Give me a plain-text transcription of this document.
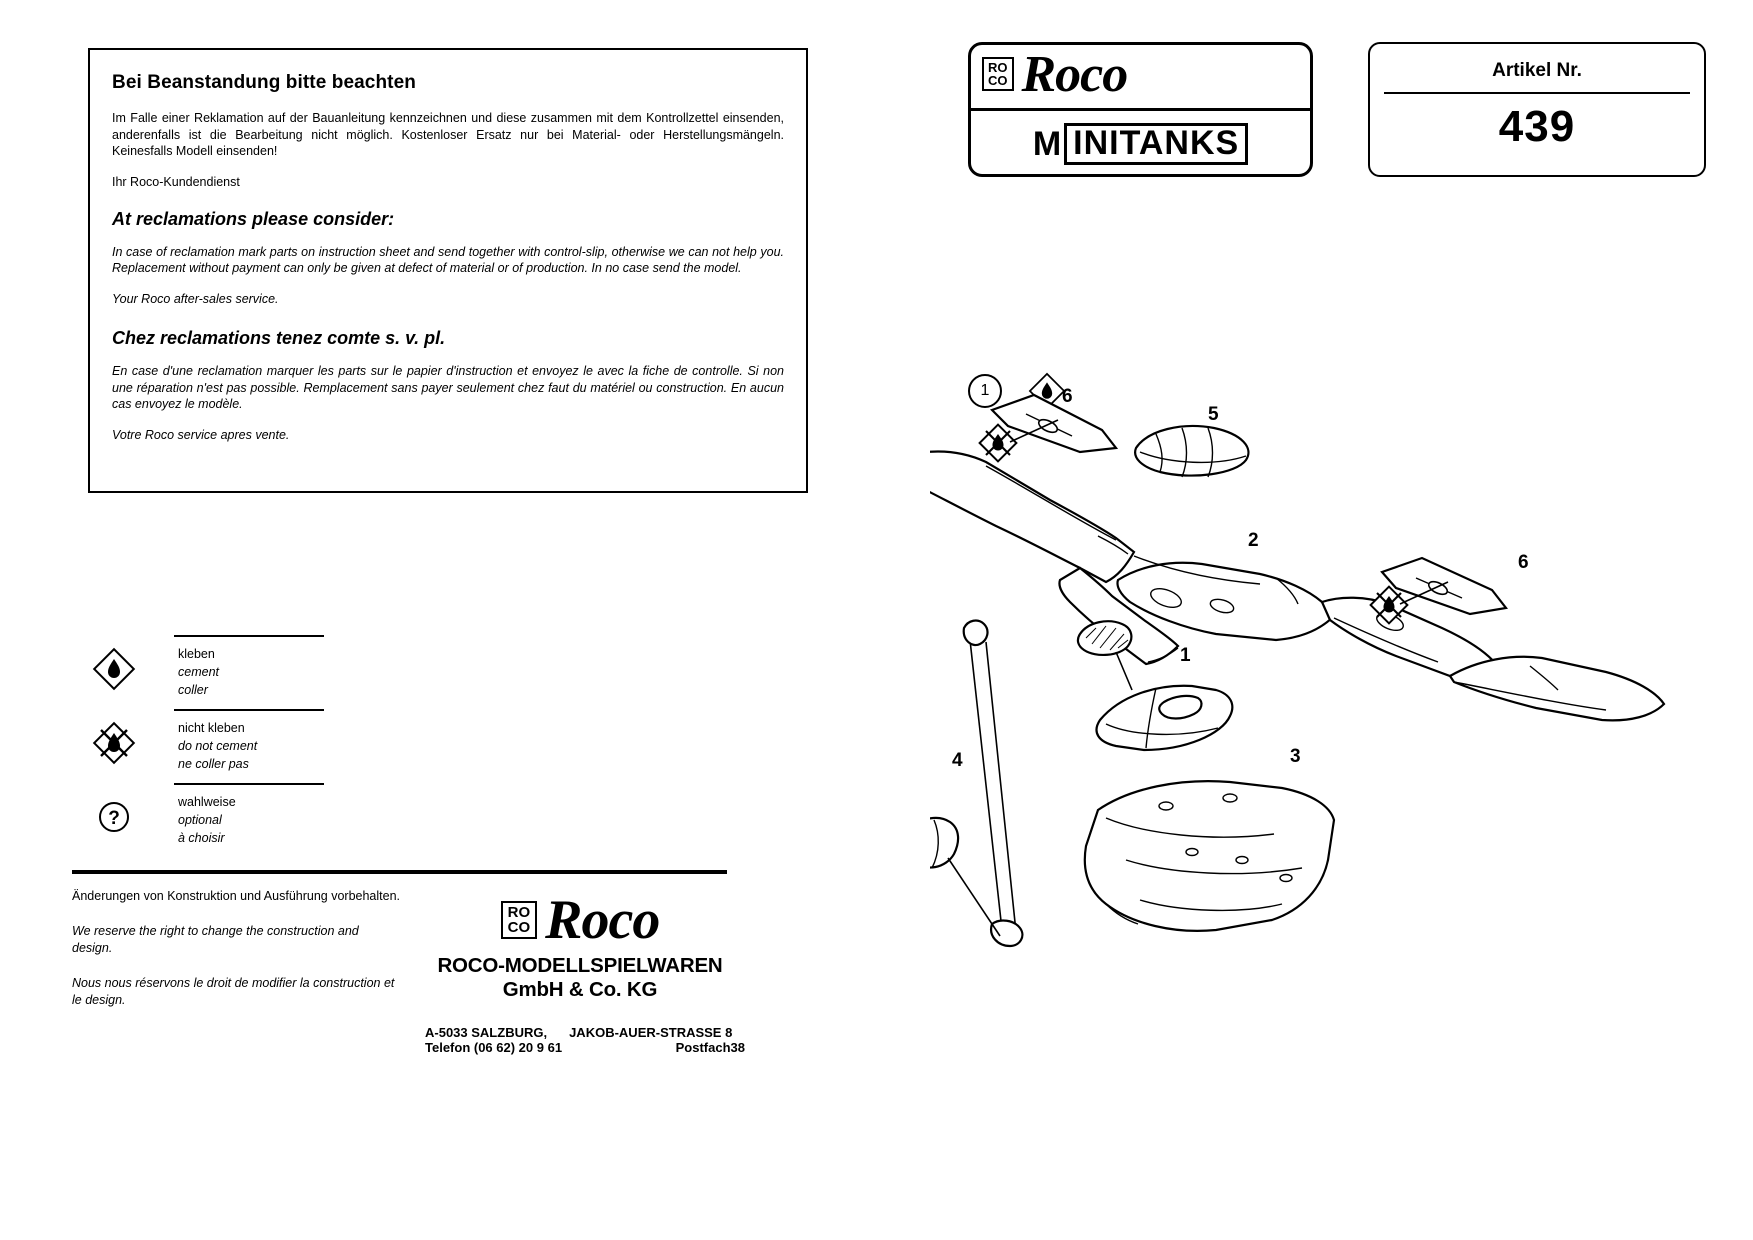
Bei Beanstandung bitte beachten

Im Falle einer Reklamation auf der Bauanleitung kennzeichnen und diese zusammen mit dem Kontrollzettel einsenden, anderenfalls ist die Bearbeitung nicht möglich. Kostenloser Ersatz nur bei Material- oder Herstellungsmängeln. Keinesfalls Modell einsenden!

Ihr Roco-Kundendienst

At reclamations please consider:

In case of reclamation mark parts on instruction sheet and send together with control-slip, otherwise we can not help you. Replacement without payment can only be given at defect of material or of production. In no case send the model.

Your Roco after-sales service.

Chez reclamations tenez comte s. v. pl.

En case d'une reclamation marquer les parts sur le papier d'instruction et envoyez le avec la fiche de controlle. Si non une réparation n'est pas possible. Remplacement sans payer seulement chez faut du matériel ou construction. En aucun cas envoyez le modèle.

Votre Roco service apres vente.

kleben
cement
coller
nicht kleben
do not cement
ne coller pas
?
wahlweise
optional
à choisir

Änderungen von Konstruktion und Ausführung vorbehalten.

We reserve the right to change the construction and design.

Nous nous réservons le droit de modifier la construction et le design.

RO
CO Roco
ROCO-MODELLSPIELWAREN
GmbH & Co. KG
A-5033 SALZBURG, JAKOB-AUER-STRASSE 8
Telefon (06 62) 20 9 61	Postfach38
RO
CO Roco
M INITANKS
Artikel Nr.
439
1
1
2
3
4
5
6
6
